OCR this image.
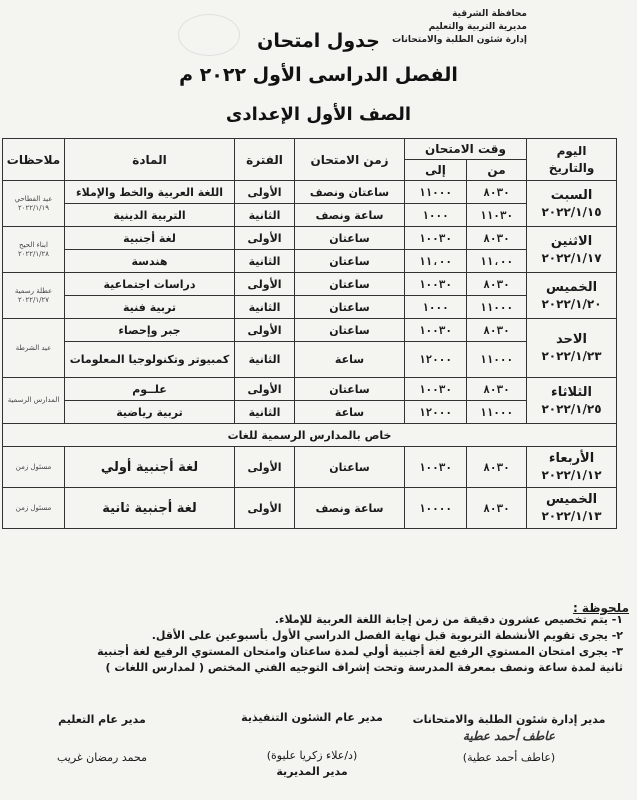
محافظة الشرقية
مديرية التربية والتعليم
إدارة شئون الطلبة والامتحانات
جدول امتحان
الفصل الدراسى الأول ٢٠٢٢ م
الصف الأول الإعدادى
اليوم
والتاريخ	وقت الامتحان		زمن الامتحان	الفترة	المادة	ملاحظات
	من	إلى				

السبت
٢٠٢٢/١/١٥	٨٠٣٠	١١٠٠٠	ساعتان ونصف	الأولى	اللغة العربية والخط والإملاء	عيد الفطاحي ٢٠٢٢/١/١٩
	١١٠٣٠	١٠٠٠	ساعة ونصف	الثانية	التربية الدينية	

الاثنين
٢٠٢٢/١/١٧	٨٠٣٠	١٠٠٣٠	ساعتان	الأولى	لغة أجنبية	ابناء الحيح ٢٠٢٢/١/٢٨
	١١،٠٠	١١،٠٠	ساعتان	الثانية	هندسة	

الخميس
٢٠٢٢/١/٢٠	٨٠٣٠	١٠٠٣٠	ساعتان	الأولى	دراسات اجتماعية	عطلة رسمية ٢٠٢٢/١/٢٧
	١١٠٠٠	١٠٠٠	ساعتان	الثانية	تربية فنية	

الاحد
٢٠٢٢/١/٢٣	٨٠٣٠	١٠٠٣٠	ساعتان	الأولى	جبر وإحصاء	عيد الشرطة
	١١٠٠٠	١٢٠٠٠	ساعة	الثانية	كمبيوتر وتكنولوجيا المعلومات	

الثلاثاء
٢٠٢٢/١/٢٥	٨٠٣٠	١٠٠٣٠	ساعتان	الأولى	علــوم	المدارس الرسمية
	١١٠٠٠	١٢٠٠٠	ساعة	الثانية	تربية رياضية	
خاص بالمدارس الرسمية للغات						

الأربعاء
٢٠٢٢/١/١٢	٨٠٣٠	١٠٠٣٠	ساعتان	الأولى	لغة أجنبية أولي	مسئول زمن

الخميس
٢٠٢٢/١/١٣	٨٠٣٠	١٠٠٠٠	ساعة ونصف	الأولى	لغة أجنبية ثانية	مسئول زمن
ملحوظة :
١- يتم تخصيص عشرون دقيقة من زمن إجابة اللغة العربية للإملاء.
٢- يجرى تقويم الأنشطة التربوية قبل نهاية الفصل الدراسي الأول بأسبوعين على الأقل.
٣- يجرى امتحان المستوي الرفيع لغة أجنبية أولي لمدة ساعتان وامتحان المستوي الرفيع لغة أجنبية
ثانية لمدة ساعة ونصف بمعرفة المدرسة وتحت إشراف التوجيه الفني المختص ( لمدارس اللغات )
مدير إدارة شئون الطلبة والامتحانات
عاطف أحمد عطية
(عاطف أحمد عطية)
مدير عام الشئون التنفيذية
(د/علاء زكريا عليوة)
مدير المديرية
مدير عام التعليم
محمد رمضان غريب
